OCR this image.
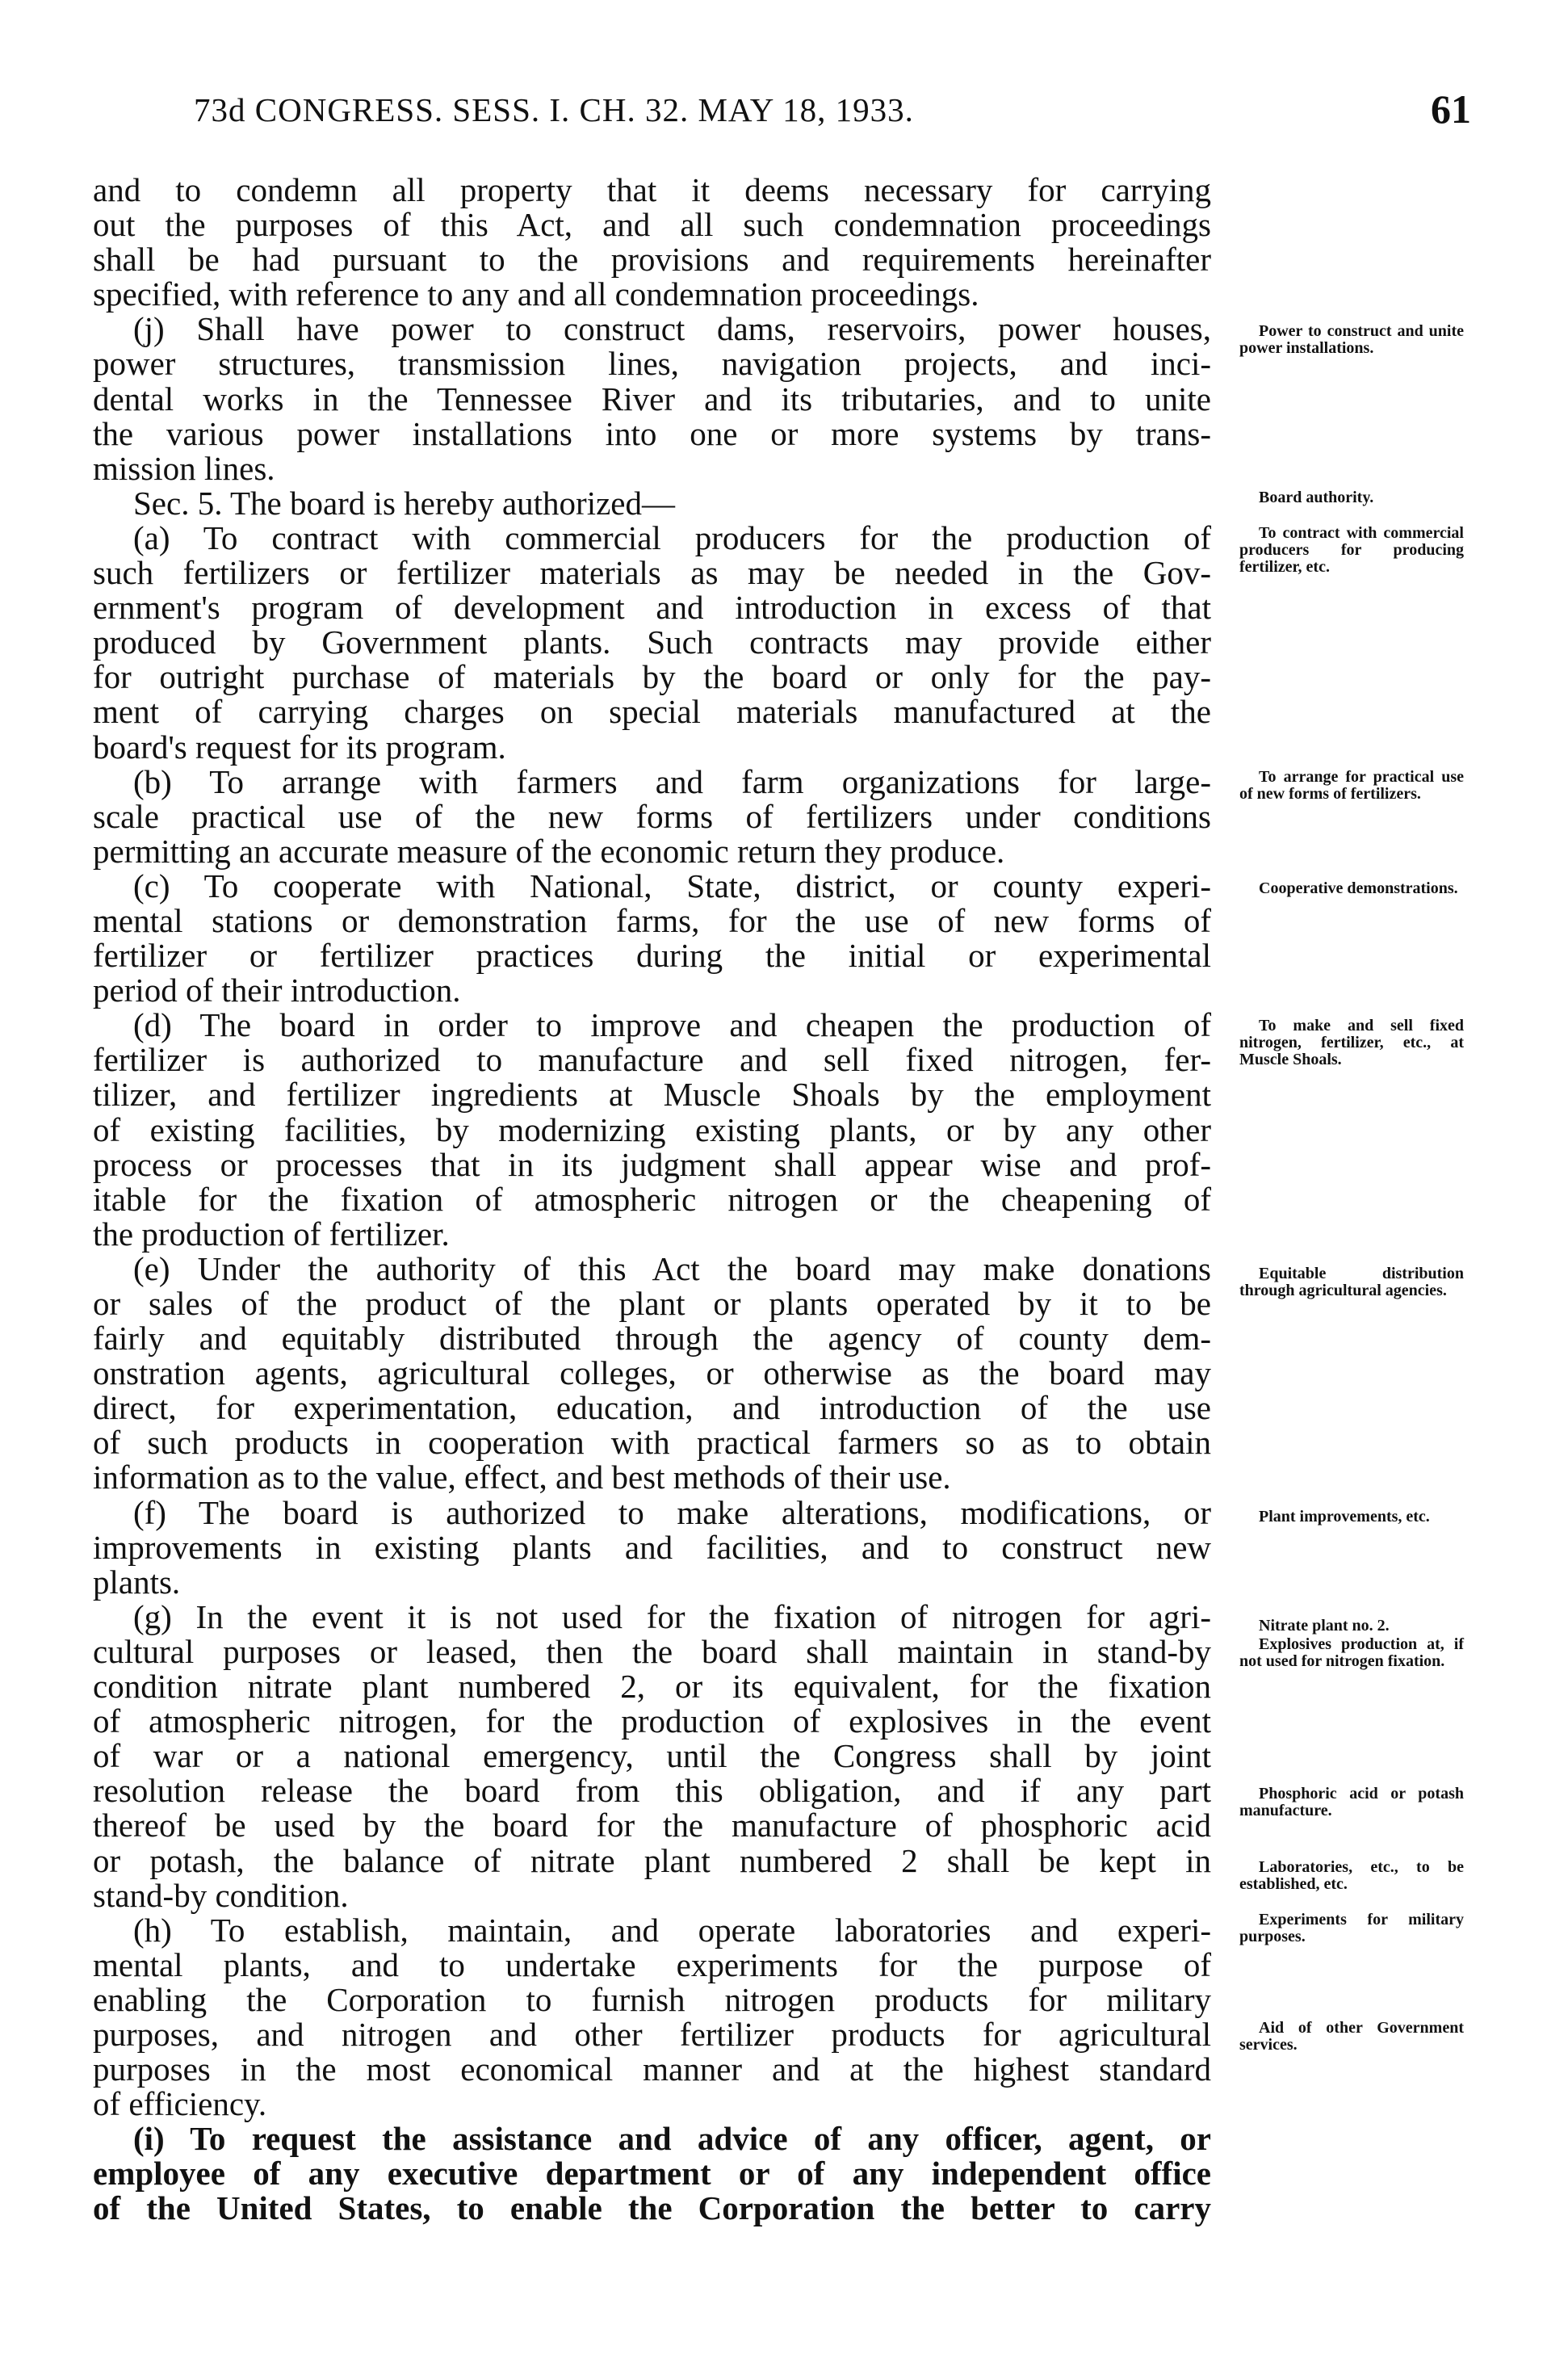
73d CONGRESS. SESS. I. CH. 32. MAY 18, 1933.	61
and to condemn all property that it deems necessary for carrying
out the purposes of this Act, and all such condemnation proceedings
shall be had pursuant to the provisions and requirements hereinafter
specified, with reference to any and all condemnation proceedings.
(j) Shall have power to construct dams, reservoirs, power houses,
power structures, transmission lines, navigation projects, and inci-
dental works in the Tennessee River and its tributaries, and to unite
the various power installations into one or more systems by trans-
mission lines.
Sec. 5. The board is hereby authorized—
(a) To contract with commercial producers for the production of
such fertilizers or fertilizer materials as may be needed in the Gov-
ernment's program of development and introduction in excess of that
produced by Government plants. Such contracts may provide either
for outright purchase of materials by the board or only for the pay-
ment of carrying charges on special materials manufactured at the
board's request for its program.
(b) To arrange with farmers and farm organizations for large-
scale practical use of the new forms of fertilizers under conditions
permitting an accurate measure of the economic return they produce.
(c) To cooperate with National, State, district, or county experi-
mental stations or demonstration farms, for the use of new forms of
fertilizer or fertilizer practices during the initial or experimental
period of their introduction.
(d) The board in order to improve and cheapen the production of
fertilizer is authorized to manufacture and sell fixed nitrogen, fer-
tilizer, and fertilizer ingredients at Muscle Shoals by the employment
of existing facilities, by modernizing existing plants, or by any other
process or processes that in its judgment shall appear wise and prof-
itable for the fixation of atmospheric nitrogen or the cheapening of
the production of fertilizer.
(e) Under the authority of this Act the board may make donations
or sales of the product of the plant or plants operated by it to be
fairly and equitably distributed through the agency of county dem-
onstration agents, agricultural colleges, or otherwise as the board may
direct, for experimentation, education, and introduction of the use
of such products in cooperation with practical farmers so as to obtain
information as to the value, effect, and best methods of their use.
(f) The board is authorized to make alterations, modifications, or
improvements in existing plants and facilities, and to construct new
plants.
(g) In the event it is not used for the fixation of nitrogen for agri-
cultural purposes or leased, then the board shall maintain in stand-by
condition nitrate plant numbered 2, or its equivalent, for the fixation
of atmospheric nitrogen, for the production of explosives in the event
of war or a national emergency, until the Congress shall by joint
resolution release the board from this obligation, and if any part
thereof be used by the board for the manufacture of phosphoric acid
or potash, the balance of nitrate plant numbered 2 shall be kept in
stand-by condition.
(h) To establish, maintain, and operate laboratories and experi-
mental plants, and to undertake experiments for the purpose of
enabling the Corporation to furnish nitrogen products for military
purposes, and nitrogen and other fertilizer products for agricultural
purposes in the most economical manner and at the highest standard
of efficiency.
(i) To request the assistance and advice of any officer, agent, or
employee of any executive department or of any independent office
of the United States, to enable the Corporation the better to carry
Power to construct and unite power installations.
Board authority.
To contract with commercial producers for producing fertilizer, etc.
To arrange for practical use of new forms of fertilizers.
Cooperative demonstrations.
To make and sell fixed nitrogen, fertilizer, etc., at Muscle Shoals.
Equitable distribution through agricultural agencies.
Plant improvements, etc.
Nitrate plant no. 2.
Explosives production at, if not used for nitrogen fixation.
Phosphoric acid or potash manufacture.
Laboratories, etc., to be established, etc.
Experiments for military purposes.
Aid of other Government services.
